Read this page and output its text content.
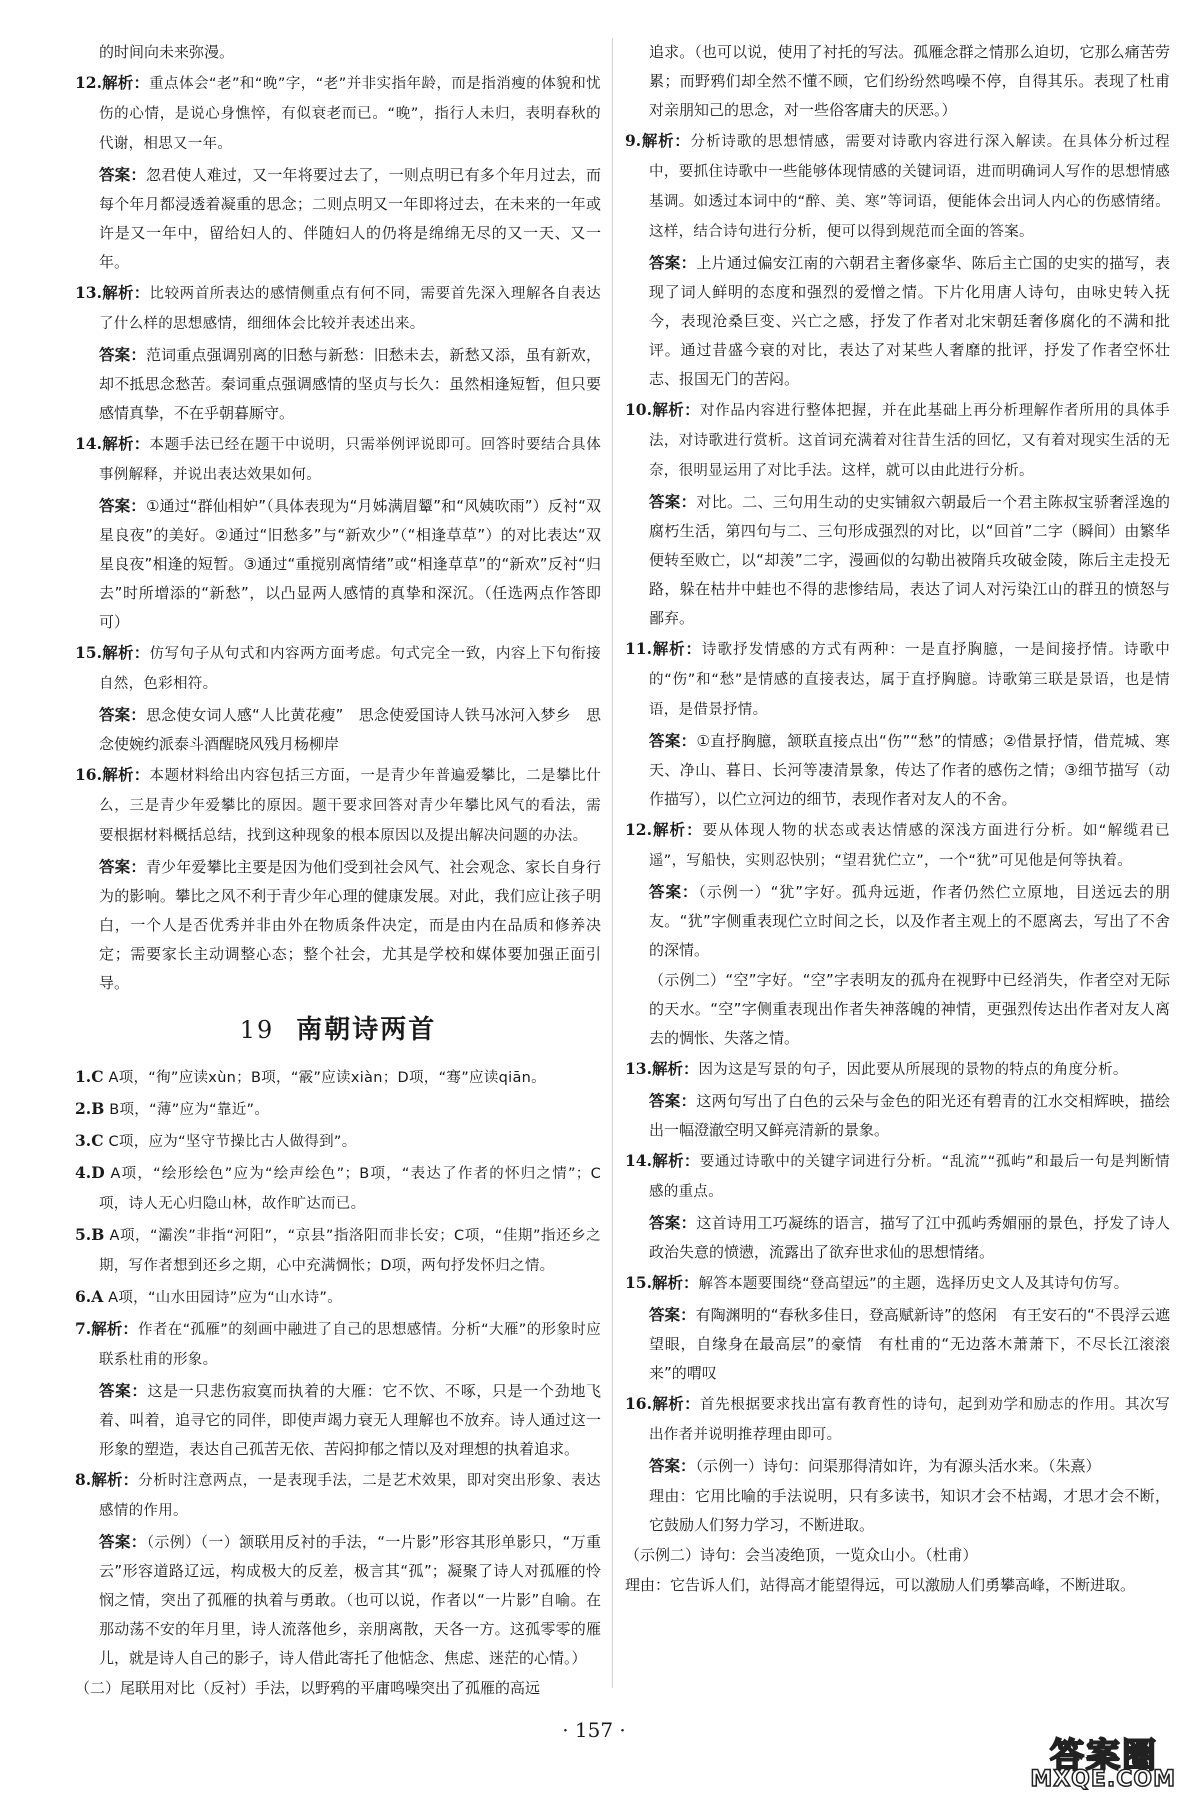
的时间向未来弥漫。

12.解析：重点体会“老”和“晚”字，“老”并非实指年龄，而是指消瘦的体貌和忧伤的心情，是说心身憔悴，有似衰老而已。“晚”，指行人未归，表明春秋的代谢，相思又一年。

答案：忽君使人难过，又一年将要过去了，一则点明已有多个年月过去，而每个年月都浸透着凝重的思念；二则点明又一年即将过去，在未来的一年或许是又一年中，留给妇人的、伴随妇人的仍将是绵绵无尽的又一天、又一年。

13.解析：比较两首所表达的感情侧重点有何不同，需要首先深入理解各自表达了什么样的思想感情，细细体会比较并表述出来。

答案：范词重点强调别离的旧愁与新愁：旧愁未去，新愁又添，虽有新欢，却不抵思念愁苦。秦词重点强调感情的坚贞与长久：虽然相逢短暂，但只要感情真挚，不在乎朝暮厮守。

14.解析：本题手法已经在题干中说明，只需举例评说即可。回答时要结合具体事例解释，并说出表达效果如何。

答案：①通过“群仙相妒”（具体表现为“月姊满眉颦”和“风姨吹雨”）反衬“双星良夜”的美好。②通过“旧愁多”与“新欢少”（“相逢草草”）的对比表达“双星良夜”相逢的短暂。③通过“重搅别离情绪”或“相逢草草”的“新欢”反衬“归去”时所增添的“新愁”，以凸显两人感情的真挚和深沉。（任选两点作答即可）

15.解析：仿写句子从句式和内容两方面考虑。句式完全一致，内容上下句衔接自然，色彩相符。

答案：思念使女词人感“人比黄花瘦”　思念使爱国诗人铁马冰河入梦乡　思念使婉约派泰斗酒醒晓风残月杨柳岸

16.解析：本题材料给出内容包括三方面，一是青少年普遍爱攀比，二是攀比什么，三是青少年爱攀比的原因。题干要求回答对青少年攀比风气的看法，需要根据材料概括总结，找到这种现象的根本原因以及提出解决问题的办法。

答案：青少年爱攀比主要是因为他们受到社会风气、社会观念、家长自身行为的影响。攀比之风不利于青少年心理的健康发展。对此，我们应让孩子明白，一个人是否优秀并非由外在物质条件决定，而是由内在品质和修养决定；需要家长主动调整心态；整个社会，尤其是学校和媒体要加强正面引导。

19 南朝诗两首

1.C A项，“徇”应读xùn；B项，“霰”应读xiàn；D项，“骞”应读qiān。

2.B B项，“薄”应为“靠近”。

3.C C项，应为“坚守节操比古人做得到”。

4.D A项，“绘形绘色”应为“绘声绘色”；B项，“表达了作者的怀归之情”；C项，诗人无心归隐山林，故作旷达而已。

5.B A项，“灞涘”非指“河阳”，“京县”指洛阳而非长安；C项，“佳期”指还乡之期，写作者想到还乡之期，心中充满惆怅；D项，两句抒发怀归之情。

6.A A项，“山水田园诗”应为“山水诗”。

7.解析：作者在“孤雁”的刻画中融进了自己的思想感情。分析“大雁”的形象时应联系杜甫的形象。

答案：这是一只悲伤寂寞而执着的大雁：它不饮、不啄，只是一个劲地飞着、叫着，追寻它的同伴，即使声竭力衰无人理解也不放弃。诗人通过这一形象的塑造，表达自己孤苦无依、苦闷抑郁之情以及对理想的执着追求。

8.解析：分析时注意两点，一是表现手法，二是艺术效果，即对突出形象、表达感情的作用。

答案：（示例）（一）颔联用反衬的手法，“一片影”形容其形单影只，“万重云”形容道路辽远，构成极大的反差，极言其“孤”；凝聚了诗人对孤雁的怜悯之情，突出了孤雁的执着与勇敢。（也可以说，作者以“一片影”自喻。在那动荡不安的年月里，诗人流落他乡，亲朋离散，天各一方。这孤零零的雁儿，就是诗人自己的影子，诗人借此寄托了他惦念、焦虑、迷茫的心情。）

（二）尾联用对比（反衬）手法，以野鸦的平庸鸣噪突出了孤雁的高远

追求。（也可以说，使用了衬托的写法。孤雁念群之情那么迫切，它那么痛苦劳累；而野鸦们却全然不懂不顾，它们纷纷然鸣噪不停，自得其乐。表现了杜甫对亲朋知己的思念，对一些俗客庸夫的厌恶。）

9.解析：分析诗歌的思想情感，需要对诗歌内容进行深入解读。在具体分析过程中，要抓住诗歌中一些能够体现情感的关键词语，进而明确词人写作的思想情感基调。如透过本词中的“醉、美、寒”等词语，便能体会出词人内心的伤感情绪。这样，结合诗句进行分析，便可以得到规范而全面的答案。

答案：上片通过偏安江南的六朝君主奢侈豪华、陈后主亡国的史实的描写，表现了词人鲜明的态度和强烈的爱憎之情。下片化用唐人诗句，由咏史转入抚今，表现沧桑巨变、兴亡之感，抒发了作者对北宋朝廷奢侈腐化的不满和批评。通过昔盛今衰的对比，表达了对某些人奢靡的批评，抒发了作者空怀壮志、报国无门的苦闷。

10.解析：对作品内容进行整体把握，并在此基础上再分析理解作者所用的具体手法，对诗歌进行赏析。这首词充满着对往昔生活的回忆，又有着对现实生活的无奈，很明显运用了对比手法。这样，就可以由此进行分析。

答案：对比。二、三句用生动的史实铺叙六朝最后一个君主陈叔宝骄奢淫逸的腐朽生活，第四句与二、三句形成强烈的对比，以“回首”二字（瞬间）由繁华便转至败亡，以“却羡”二字，漫画似的勾勒出被隋兵攻破金陵，陈后主走投无路，躲在枯井中蛙也不得的悲惨结局，表达了词人对污染江山的群丑的愤怒与鄙弃。

11.解析：诗歌抒发情感的方式有两种：一是直抒胸臆，一是间接抒情。诗歌中的“伤”和“愁”是情感的直接表达，属于直抒胸臆。诗歌第三联是景语，也是情语，是借景抒情。

答案：①直抒胸臆，颔联直接点出“伤”“愁”的情感；②借景抒情，借荒城、寒天、净山、暮日、长河等凄清景象，传达了作者的感伤之情；③细节描写（动作描写），以伫立河边的细节，表现作者对友人的不舍。

12.解析：要从体现人物的状态或表达情感的深浅方面进行分析。如“解缆君已遥”，写船快，实则忍快别；“望君犹伫立”，一个“犹”可见他是何等执着。

答案：（示例一）“犹”字好。孤舟远逝，作者仍然伫立原地，目送远去的朋友。“犹”字侧重表现伫立时间之长，以及作者主观上的不愿离去，写出了不舍的深情。

（示例二）“空”字好。“空”字表明友的孤舟在视野中已经消失，作者空对无际的天水。“空”字侧重表现出作者失神落魄的神情，更强烈传达出作者对友人离去的惆怅、失落之情。

13.解析：因为这是写景的句子，因此要从所展现的景物的特点的角度分析。

答案：这两句写出了白色的云朵与金色的阳光还有碧青的江水交相辉映，描绘出一幅澄澈空明又鲜亮清新的景象。

14.解析：要通过诗歌中的关键字词进行分析。“乱流”“孤屿”和最后一句是判断情感的重点。

答案：这首诗用工巧凝练的语言，描写了江中孤屿秀媚丽的景色，抒发了诗人政治失意的愤懑，流露出了欲弃世求仙的思想情绪。

15.解析：解答本题要围绕“登高望远”的主题，选择历史文人及其诗句仿写。

答案：有陶渊明的“春秋多佳日，登高赋新诗”的悠闲　有王安石的“不畏浮云遮望眼，自缘身在最高层”的豪情　有杜甫的“无边落木萧萧下，不尽长江滚滚来”的喟叹

16.解析：首先根据要求找出富有教育性的诗句，起到劝学和励志的作用。其次写出作者并说明推荐理由即可。

答案：（示例一）诗句：问渠那得清如许，为有源头活水来。（朱熹）

理由：它用比喻的手法说明，只有多读书，知识才会不枯竭，才思才会不断，它鼓励人们努力学习，不断进取。

（示例二）诗句：会当凌绝顶，一览众山小。（杜甫）

理由：它告诉人们，站得高才能望得远，可以激励人们勇攀高峰，不断进取。

· 157 ·
答案圈
MXQE.COM
